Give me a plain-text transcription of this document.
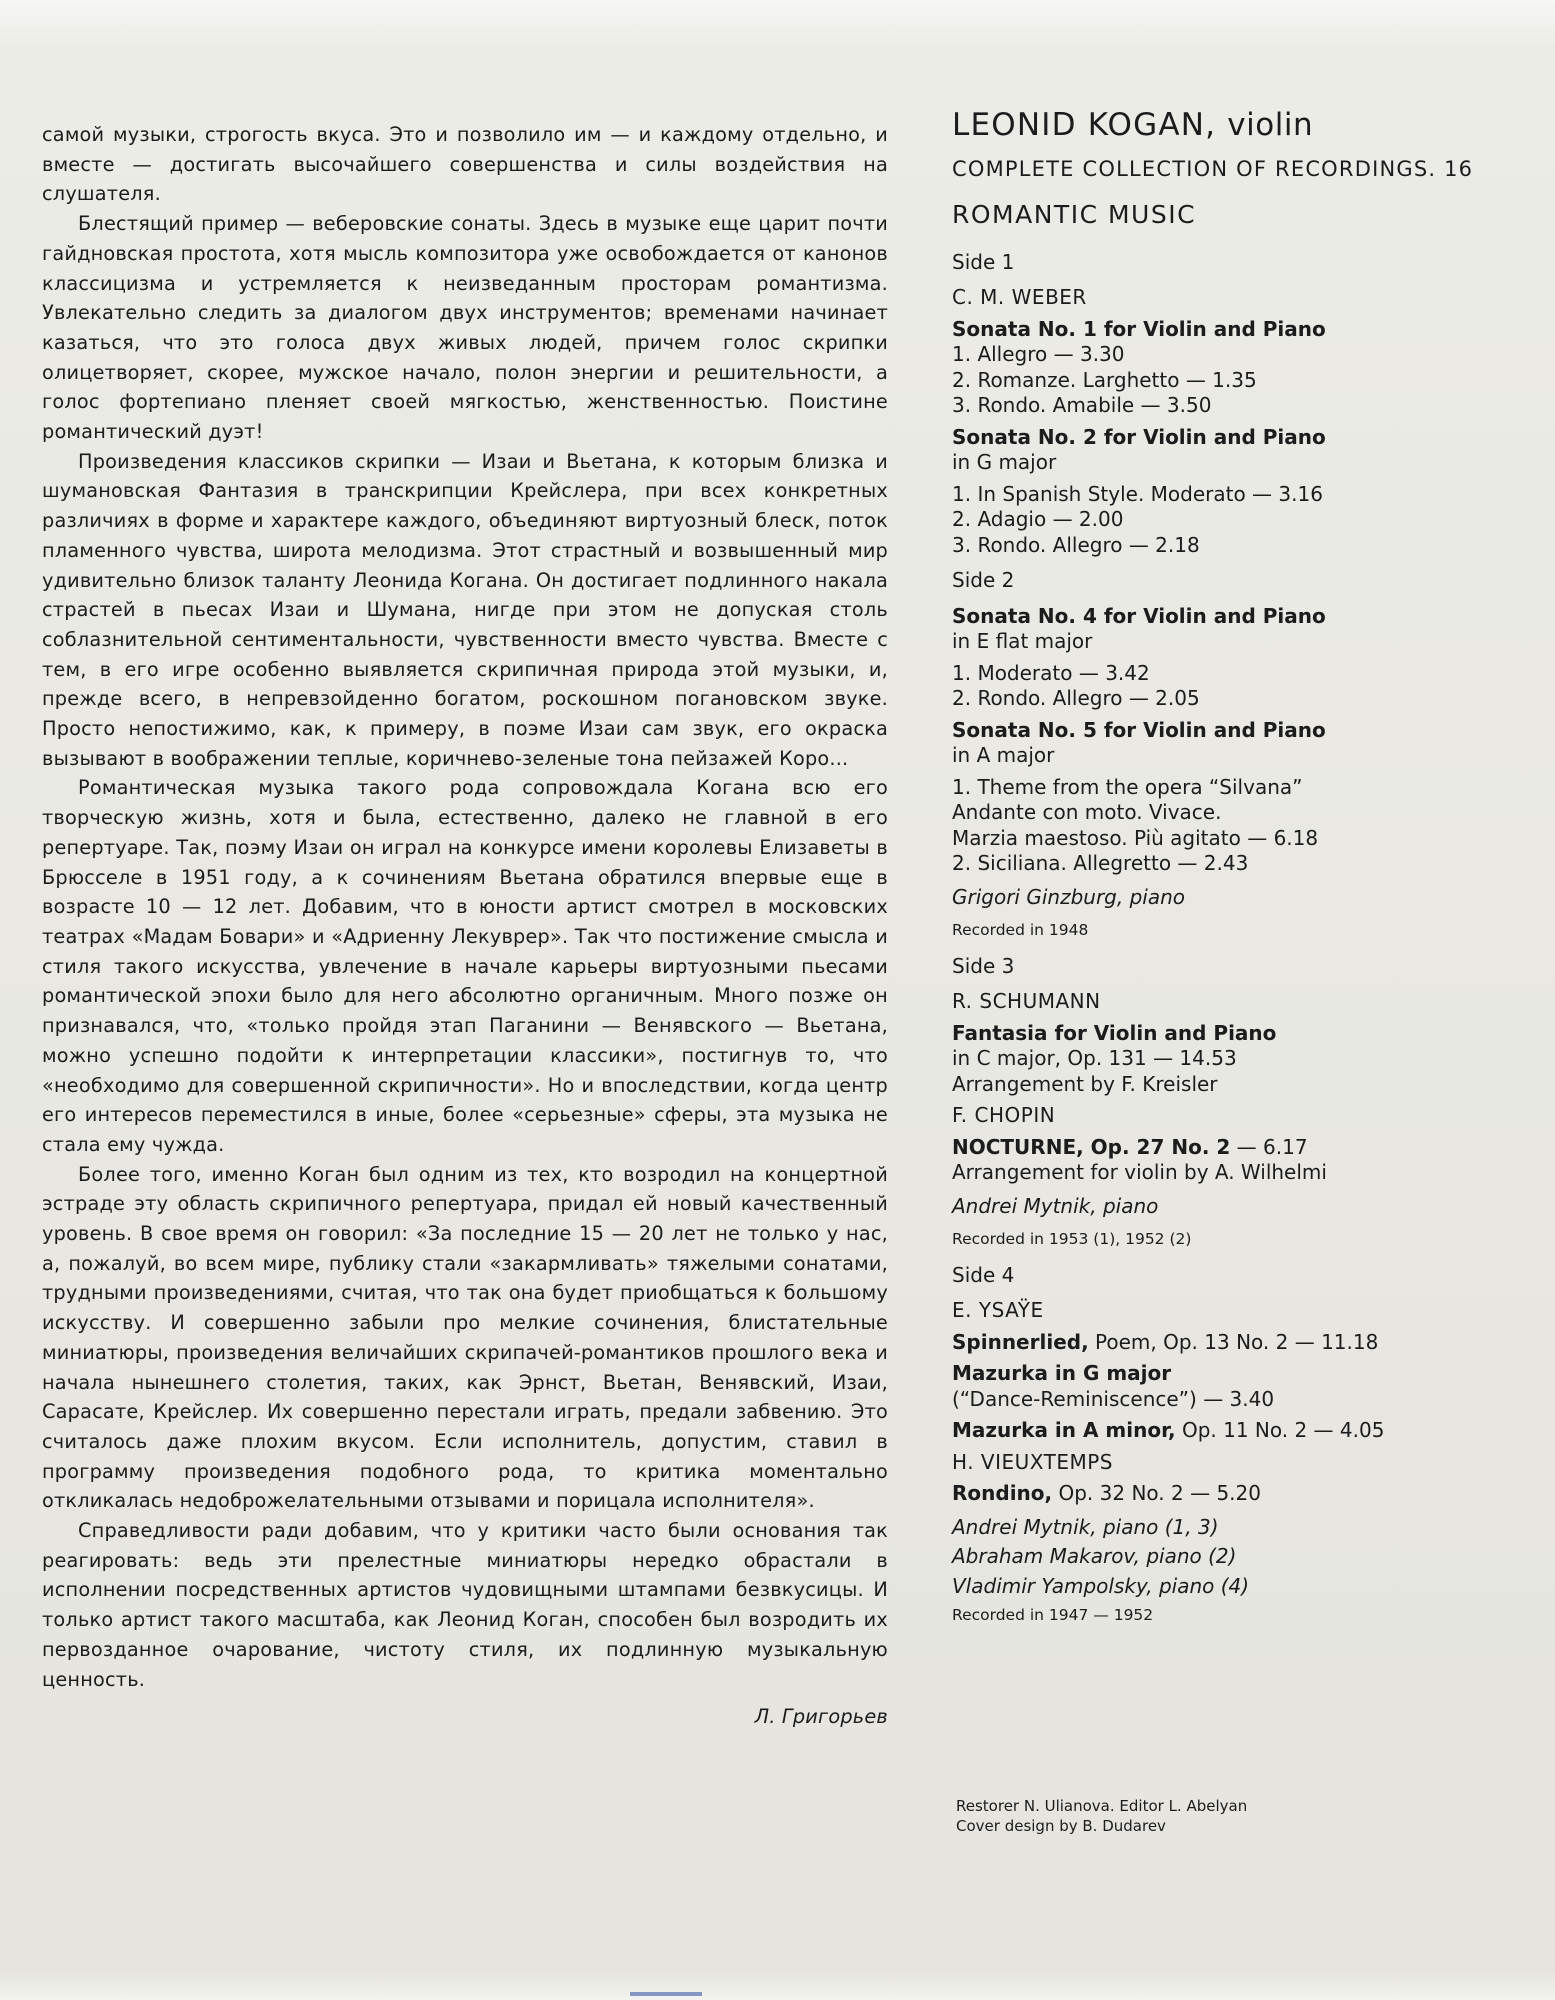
самой музыки, строгость вкуса. Это и позволило им — и каждому отдельно, и вместе — достигать высочайшего совершенства и силы воздействия на слушателя.

Блестящий пример — веберовские сонаты. Здесь в музыке еще царит почти гайдновская простота, хотя мысль композитора уже освобождается от канонов классицизма и устремляется к неизведанным просторам романтизма. Увлекательно следить за диалогом двух инструментов; временами начинает казаться, что это голоса двух живых людей, причем голос скрипки олицетворяет, скорее, мужское начало, полон энергии и решительности, а голос фортепиано пленяет своей мягкостью, женственностью. Поистине романтический дуэт!

Произведения классиков скрипки — Изаи и Вьетана, к которым близка и шумановская Фантазия в транскрипции Крейслера, при всех конкретных различиях в форме и характере каждого, объединяют виртуозный блеск, поток пламенного чувства, широта мелодизма. Этот страстный и возвышенный мир удивительно близок таланту Леонида Когана. Он достигает подлинного накала страстей в пьесах Изаи и Шумана, нигде при этом не допуская столь соблазнительной сентиментальности, чувственности вместо чувства. Вместе с тем, в его игре особенно выявляется скрипичная природа этой музыки, и, прежде всего, в непревзойденно богатом, роскошном погановском звуке. Просто непостижимо, как, к примеру, в поэме Изаи сам звук, его окраска вызывают в воображении теплые, коричнево-зеленые тона пейзажей Коро...

Романтическая музыка такого рода сопровождала Когана всю его творческую жизнь, хотя и была, естественно, далеко не главной в его репертуаре. Так, поэму Изаи он играл на конкурсе имени королевы Елизаветы в Брюсселе в 1951 году, а к сочинениям Вьетана обратился впервые еще в возрасте 10 — 12 лет. Добавим, что в юности артист смотрел в московских театрах «Мадам Бовари» и «Адриенну Лекуврер». Так что постижение смысла и стиля такого искусства, увлечение в начале карьеры виртуозными пьесами романтической эпохи было для него абсолютно органичным. Много позже он признавался, что, «только пройдя этап Паганини — Венявского — Вьетана, можно успешно подойти к интерпретации классики», постигнув то, что «необходимо для совершенной скрипичности». Но и впоследствии, когда центр его интересов переместился в иные, более «серьезные» сферы, эта музыка не стала ему чужда.

Более того, именно Коган был одним из тех, кто возродил на концертной эстраде эту область скрипичного репертуара, придал ей новый качественный уровень. В свое время он говорил: «За последние 15 — 20 лет не только у нас, а, пожалуй, во всем мире, публику стали «закармливать» тяжелыми сонатами, трудными произведениями, считая, что так она будет приобщаться к большому искусству. И совершенно забыли про мелкие сочинения, блистательные миниатюры, произведения величайших скрипачей-романтиков прошлого века и начала нынешнего столетия, таких, как Эрнст, Вьетан, Венявский, Изаи, Сарасате, Крейслер. Их совершенно перестали играть, предали забвению. Это считалось даже плохим вкусом. Если исполнитель, допустим, ставил в программу произведения подобного рода, то критика моментально откликалась недоброжелательными отзывами и порицала исполнителя».

Справедливости ради добавим, что у критики часто были основания так реагировать: ведь эти прелестные миниатюры нередко обрастали в исполнении посредственных артистов чудовищными штампами безвкусицы. И только артист такого масштаба, как Леонид Коган, способен был возродить их первозданное очарование, чистоту стиля, их подлинную музыкальную ценность.

Л. Григорьев

LEONID KOGAN, violin
COMPLETE COLLECTION OF RECORDINGS. 16
ROMANTIC MUSIC
Side 1
C. M. WEBER
Sonata No. 1 for Violin and Piano
1. Allegro — 3.30
2. Romanze. Larghetto — 1.35
3. Rondo. Amabile — 3.50
Sonata No. 2 for Violin and Piano
in G major
1. In Spanish Style. Moderato — 3.16
2. Adagio — 2.00
3. Rondo. Allegro — 2.18
Side 2
Sonata No. 4 for Violin and Piano
in E flat major
1. Moderato — 3.42
2. Rondo. Allegro — 2.05
Sonata No. 5 for Violin and Piano
in A major
1. Theme from the opera “Silvana”
Andante con moto. Vivace.
Marzia maestoso. Più agitato — 6.18
2. Siciliana. Allegretto — 2.43
Grigori Ginzburg, piano
Recorded in 1948
Side 3
R. SCHUMANN
Fantasia for Violin and Piano
in C major, Op. 131 — 14.53
Arrangement by F. Kreisler
F. CHOPIN
NOCTURNE, Op. 27 No. 2 — 6.17
Arrangement for violin by A. Wilhelmi
Andrei Mytnik, piano
Recorded in 1953 (1), 1952 (2)
Side 4
E. YSAŸE
Spinnerlied, Poem, Op. 13 No. 2 — 11.18
Mazurka in G major
(“Dance-Reminiscence”) — 3.40
Mazurka in A minor, Op. 11 No. 2 — 4.05
H. VIEUXTEMPS
Rondino, Op. 32 No. 2 — 5.20
Andrei Mytnik, piano (1, 3)
Abraham Makarov, piano (2)
Vladimir Yampolsky, piano (4)
Recorded in 1947 — 1952
Restorer N. Ulianova. Editor L. Abelyan
Cover design by B. Dudarev
